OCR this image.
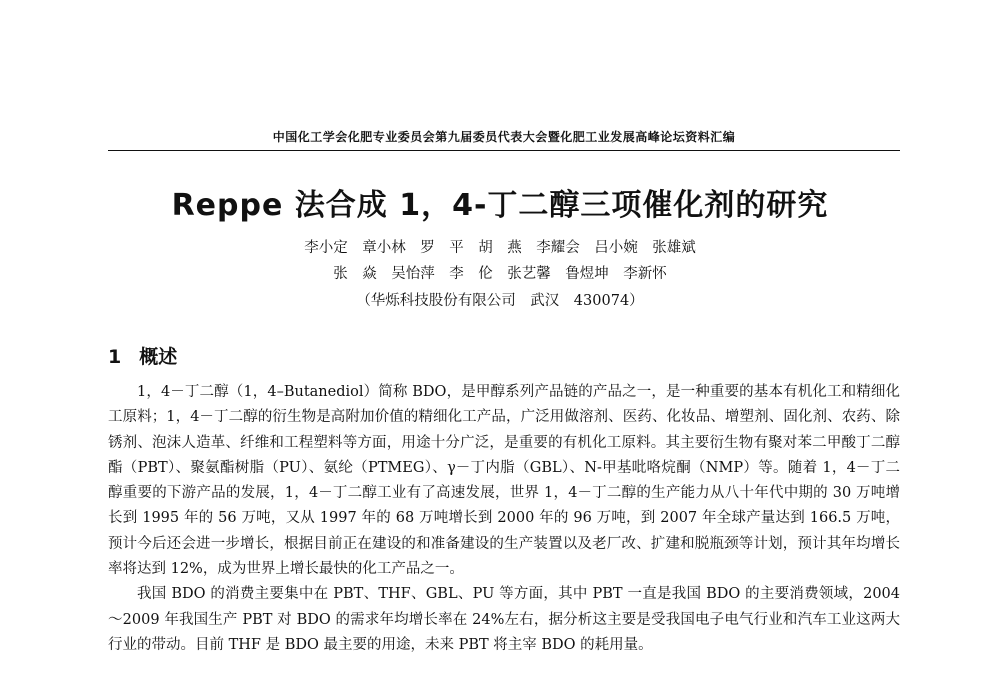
中国化工学会化肥专业委员会第九届委员代表大会暨化肥工业发展高峰论坛资料汇编
Reppe 法合成 1，4-丁二醇三项催化剂的研究
李小定　章小林　罗　平　胡　燕　李耀会　吕小婉　张雄斌
张　焱　吴怡萍　李　伦　张艺馨　鲁煜坤　李新怀
（华烁科技股份有限公司　武汉　430074）
1 概述

1，4－丁二醇（1，4–Butanediol）简称 BDO，是甲醇系列产品链的产品之一，是一种重要的基本有机化工和精细化工原料；1，4－丁二醇的衍生物是高附加价值的精细化工产品，广泛用做溶剂、医药、化妆品、增塑剂、固化剂、农药、除锈剂、泡沫人造革、纤维和工程塑料等方面，用途十分广泛，是重要的有机化工原料。其主要衍生物有聚对苯二甲酸丁二醇酯（PBT）、聚氨酯树脂（PU）、氨纶（PTMEG）、γ－丁内脂（GBL）、N-甲基吡咯烷酮（NMP）等。随着 1，4－丁二醇重要的下游产品的发展，1，4－丁二醇工业有了高速发展，世界 1，4－丁二醇的生产能力从八十年代中期的 30 万吨增长到 1995 年的 56 万吨，又从 1997 年的 68 万吨增长到 2000 年的 96 万吨，到 2007 年全球产量达到 166.5 万吨，预计今后还会进一步增长，根据目前正在建设的和准备建设的生产装置以及老厂改、扩建和脱瓶颈等计划，预计其年均增长率将达到 12%，成为世界上增长最快的化工产品之一。

我国 BDO 的消费主要集中在 PBT、THF、GBL、PU 等方面，其中 PBT 一直是我国 BDO 的主要消费领域，2004～2009 年我国生产 PBT 对 BDO 的需求年均增长率在 24%左右，据分析这主要是受我国电子电气行业和汽车工业这两大行业的带动。目前 THF 是 BDO 最主要的用途，未来 PBT 将主宰 BDO 的耗用量。
